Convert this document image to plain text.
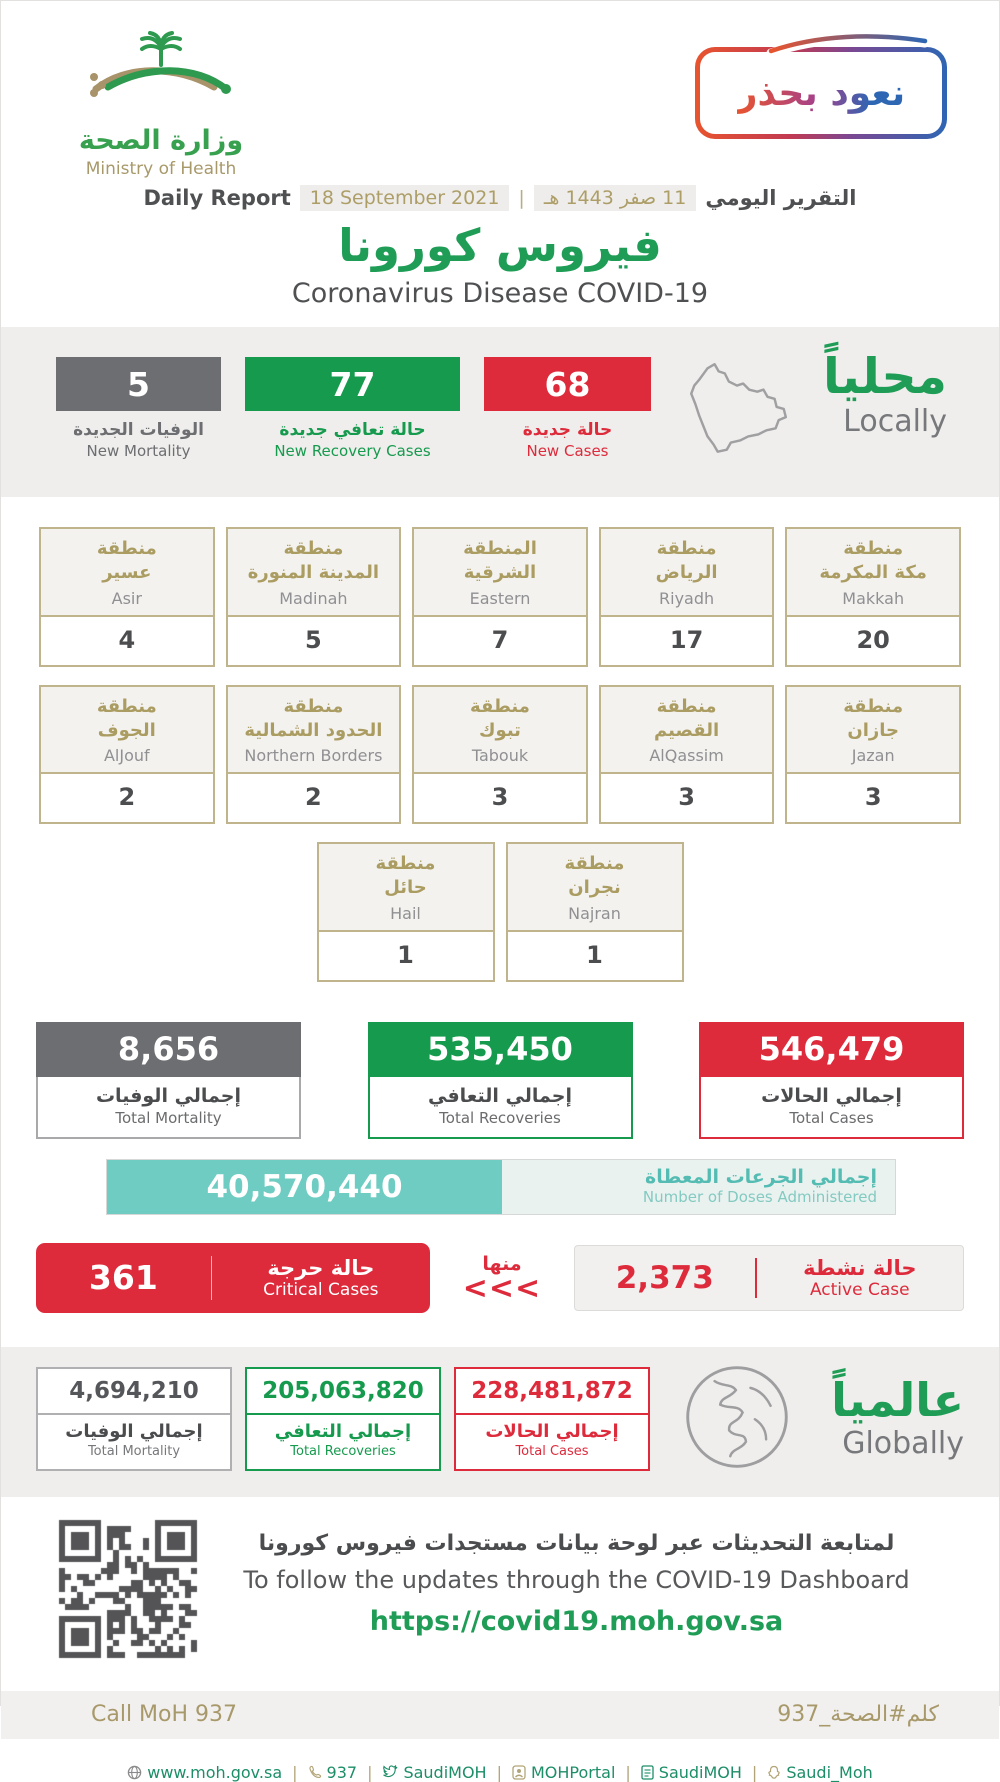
وزارة الصحة
Ministry of Health
نعود بحذر
Daily Report	18 September 2021	|	11 صفر 1443 هـ التقرير اليومي
فيروس كورونا
Coronavirus Disease COVID-19
5
الوفيات الجديدة
New Mortality
77
حالة تعافي جديدة
New Recovery Cases
68
حالة جديدة
New Cases
محلياً
Locally
منطقة
عسير
Asir
4
منطقة
المدينة المنورة
Madinah
5
المنطقة
الشرقية
Eastern
7
منطقة
الرياض
Riyadh
17
منطقة
مكة المكرمة
Makkah
20
منطقة
الجوف
AlJouf
2
منطقة
الحدود الشمالية
Northern Borders
2
منطقة
تبوك
Tabouk
3
منطقة
القصيم
AlQassim
3
منطقة
جازان
Jazan
3
منطقة
حائل
Hail
1
منطقة
نجران
Najran
1
8,656
إجمالي الوفيات
Total Mortality
535,450
إجمالي التعافي
Total Recoveries
546,479
إجمالي الحالات
Total Cases
40,570,440	إجمالي الجرعات المعطاة
Number of Doses Administered
361	حالة حرجة
Critical Cases
منها
<<<	2,373	حالة نشطة
Active Case
4,694,210
إجمالي الوفيات
Total Mortality
205,063,820
إجمالي التعافي
Total Recoveries
228,481,872
إجمالي الحالات
Total Cases
عالمياً
Globally
لمتابعة التحديثات عبر لوحة بيانات مستجدات فيروس كورونا
To follow the updates through the COVID-19 Dashboard
https://covid19.moh.gov.sa
Call MoH 937	كلم#الصحة_937
www.moh.gov.sa | 937 | SaudiMOH | MOHPortal | SaudiMOH | Saudi_Moh
